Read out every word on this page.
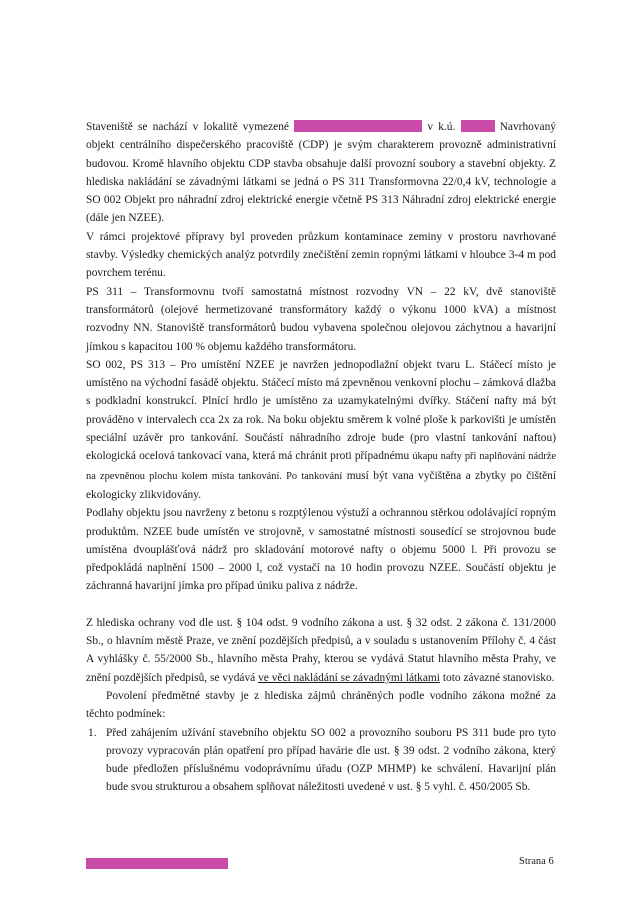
Staveniště se nachází v lokalitě vymezené	v k.ú.	Navrhovaný objekt centrálního dispečerského pracoviště (CDP) je svým charakterem provozně administrativní budovou. Kromě hlavního objektu CDP stavba obsahuje další provozní soubory a stavební objekty. Z hlediska nakládání se závadnými látkami se jedná o PS 311 Transformovna 22/0,4 kV, technologie a SO 002 Objekt pro náhradní zdroj elektrické energie včetně PS 313 Náhradní zdroj elektrické energie (dále jen NZEE).

V rámci projektové přípravy byl proveden průzkum kontaminace zeminy v prostoru navrhované stavby. Výsledky chemických analýz potvrdily znečištění zemin ropnými látkami v hloubce 3-4 m pod povrchem terénu.

PS 311 – Transformovnu tvoří samostatná místnost rozvodny VN – 22 kV, dvě stanoviště transformátorů (olejové hermetizované transformátory každý o výkonu 1000 kVA) a místnost rozvodny NN. Stanoviště transformátorů budou vybavena společnou olejovou záchytnou a havarijní jímkou s kapacitou 100 % objemu každého transformátoru.

SO 002, PS 313 – Pro umístění NZEE je navržen jednopodlažní objekt tvaru L. Stáčecí místo je umístěno na východní fasádě objektu. Stáčecí místo má zpevněnou venkovní plochu – zámková dlažba s podkladní konstrukcí. Plnící hrdlo je umístěno za uzamykatelnými dvířky. Stáčení nafty má být prováděno v intervalech cca 2x za rok. Na boku objektu směrem k volné ploše k parkovišti je umístěn speciální uzávěr pro tankování. Součástí náhradního zdroje bude (pro vlastní tankování naftou) ekologická ocelová tankovací vana, která má chránit proti případnému úkapu nafty při naplňování nádrže na zpevněnou plochu kolem místa tankování. Po tankování musí být vana vyčištěna a zbytky po čištění ekologicky zlikvidovány.

Podlahy objektu jsou navrženy z betonu s rozptýlenou výstuží a ochrannou stěrkou odolávající ropným produktům. NZEE bude umístěn ve strojovně, v samostatné místnosti sousedící se strojovnou bude umístěna dvouplášťová nádrž pro skladování motorové nafty o objemu 5000 l. Při provozu se předpokládá naplnění 1500 – 2000 l, což vystačí na 10 hodin provozu NZEE. Součástí objektu je záchranná havarijní jímka pro případ úniku paliva z nádrže.

Z hlediska ochrany vod dle ust. § 104 odst. 9 vodního zákona a ust. § 32 odst. 2 zákona č. 131/2000 Sb., o hlavním městě Praze, ve znění pozdějších předpisů, a v souladu s ustanovením Přílohy č. 4 část A vyhlášky č. 55/2000 Sb., hlavního města Prahy, kterou se vydává Statut hlavního města Prahy, ve znění pozdějších předpisů, se vydává ve věci nakládání se závadnými látkami toto závazné stanovisko.

Povolení předmětné stavby je z hlediska zájmů chráněných podle vodního zákona možné za těchto podmínek:

1. Před zahájením užívání stavebního objektu SO 002 a provozního souboru PS 311 bude pro tyto provozy vypracován plán opatření pro případ havárie dle ust. § 39 odst. 2 vodního zákona, který bude předložen příslušnému vodoprávnímu úřadu (OZP MHMP) ke schválení. Havarijní plán bude svou strukturou a obsahem splňovat náležitosti uvedené v ust. § 5 vyhl. č. 450/2005 Sb.
Strana 6
